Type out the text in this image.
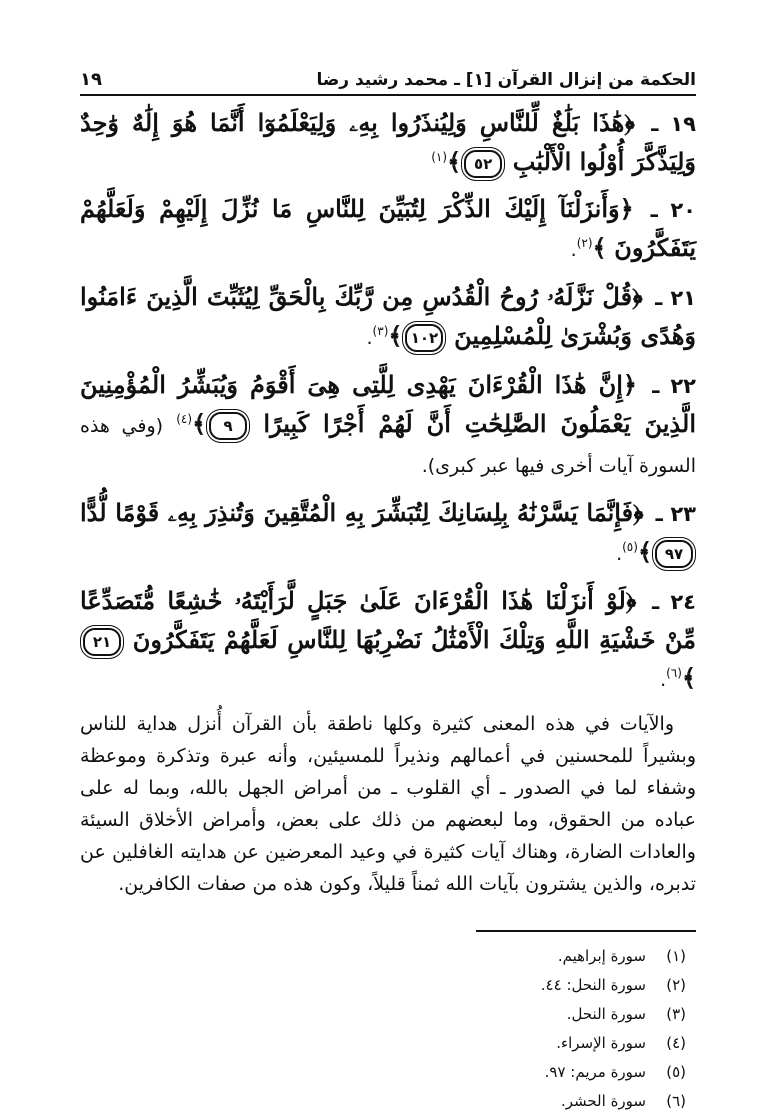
الحكمة من إنزال القرآن [١] ـ محمد رشيد رضا
١٩

١٩ ـ ﴿هَٰذَا بَلَٰغٌ لِّلنَّاسِ وَلِيُنذَرُوا بِهِۦ وَلِيَعْلَمُوٓا أَنَّمَا هُوَ إِلَٰهٌ وَٰحِدٌ وَلِيَذَّكَّرَ أُوْلُوا الْأَلْبَٰبِ ٥٢﴾$^{(١)}$

٢٠ ـ ﴿وَأَنزَلْنَآ إِلَيْكَ الذِّكْرَ لِتُبَيِّنَ لِلنَّاسِ مَا نُزِّلَ إِلَيْهِمْ وَلَعَلَّهُمْ يَتَفَكَّرُونَ ﴾$^{(٢)}$.

٢١ ـ ﴿قُلْ نَزَّلَهُۥ رُوحُ الْقُدُسِ مِن رَّبِّكَ بِالْحَقِّ لِيُثَبِّتَ الَّذِينَ ءَامَنُوا وَهُدًى وَبُشْرَىٰ لِلْمُسْلِمِينَ ١٠٢﴾$^{(٣)}$.

٢٢ ـ ﴿إِنَّ هَٰذَا الْقُرْءَانَ يَهْدِى لِلَّتِى هِىَ أَقْوَمُ وَيُبَشِّرُ الْمُؤْمِنِينَ الَّذِينَ يَعْمَلُونَ الصَّٰلِحَٰتِ أَنَّ لَهُمْ أَجْرًا كَبِيرًا ٩﴾$^{(٤)}$ (وفي هذه السورة آيات أخرى فيها عبر كبرى).

٢٣ ـ ﴿فَإِنَّمَا يَسَّرْنَٰهُ بِلِسَانِكَ لِتُبَشِّرَ بِهِ الْمُتَّقِينَ وَتُنذِرَ بِهِۦ قَوْمًا لُّدًّا ٩٧﴾$^{(٥)}$.

٢٤ ـ ﴿لَوْ أَنزَلْنَا هَٰذَا الْقُرْءَانَ عَلَىٰ جَبَلٍ لَّرَأَيْتَهُۥ خَٰشِعًا مُّتَصَدِّعًا مِّنْ خَشْيَةِ اللَّهِ وَتِلْكَ الْأَمْثَٰلُ نَضْرِبُهَا لِلنَّاسِ لَعَلَّهُمْ يَتَفَكَّرُونَ ٢١﴾$^{(٦)}$.

والآيات في هذه المعنى كثيرة وكلها ناطقة بأن القرآن أُنزل هداية للناس وبشيراً للمحسنين في أعمالهم ونذيراً للمسيئين، وأنه عبرة وتذكرة وموعظة وشفاء لما في الصدور ـ أي القلوب ـ من أمراض الجهل بالله، وبما له على عباده من الحقوق، وما لبعضهم من ذلك على بعض، وأمراض الأخلاق السيئة والعادات الضارة، وهناك آيات كثيرة في وعيد المعرضين عن هدايته الغافلين عن تدبره، والذين يشترون بآيات الله ثمناً قليلاً، وكون هذه من صفات الكافرين.

(١)سورة إبراهيم.
(٢)سورة النحل: ٤٤.
(٣)سورة النحل.
(٤)سورة الإسراء.
(٥)سورة مريم: ٩٧.
(٦)سورة الحشر.
